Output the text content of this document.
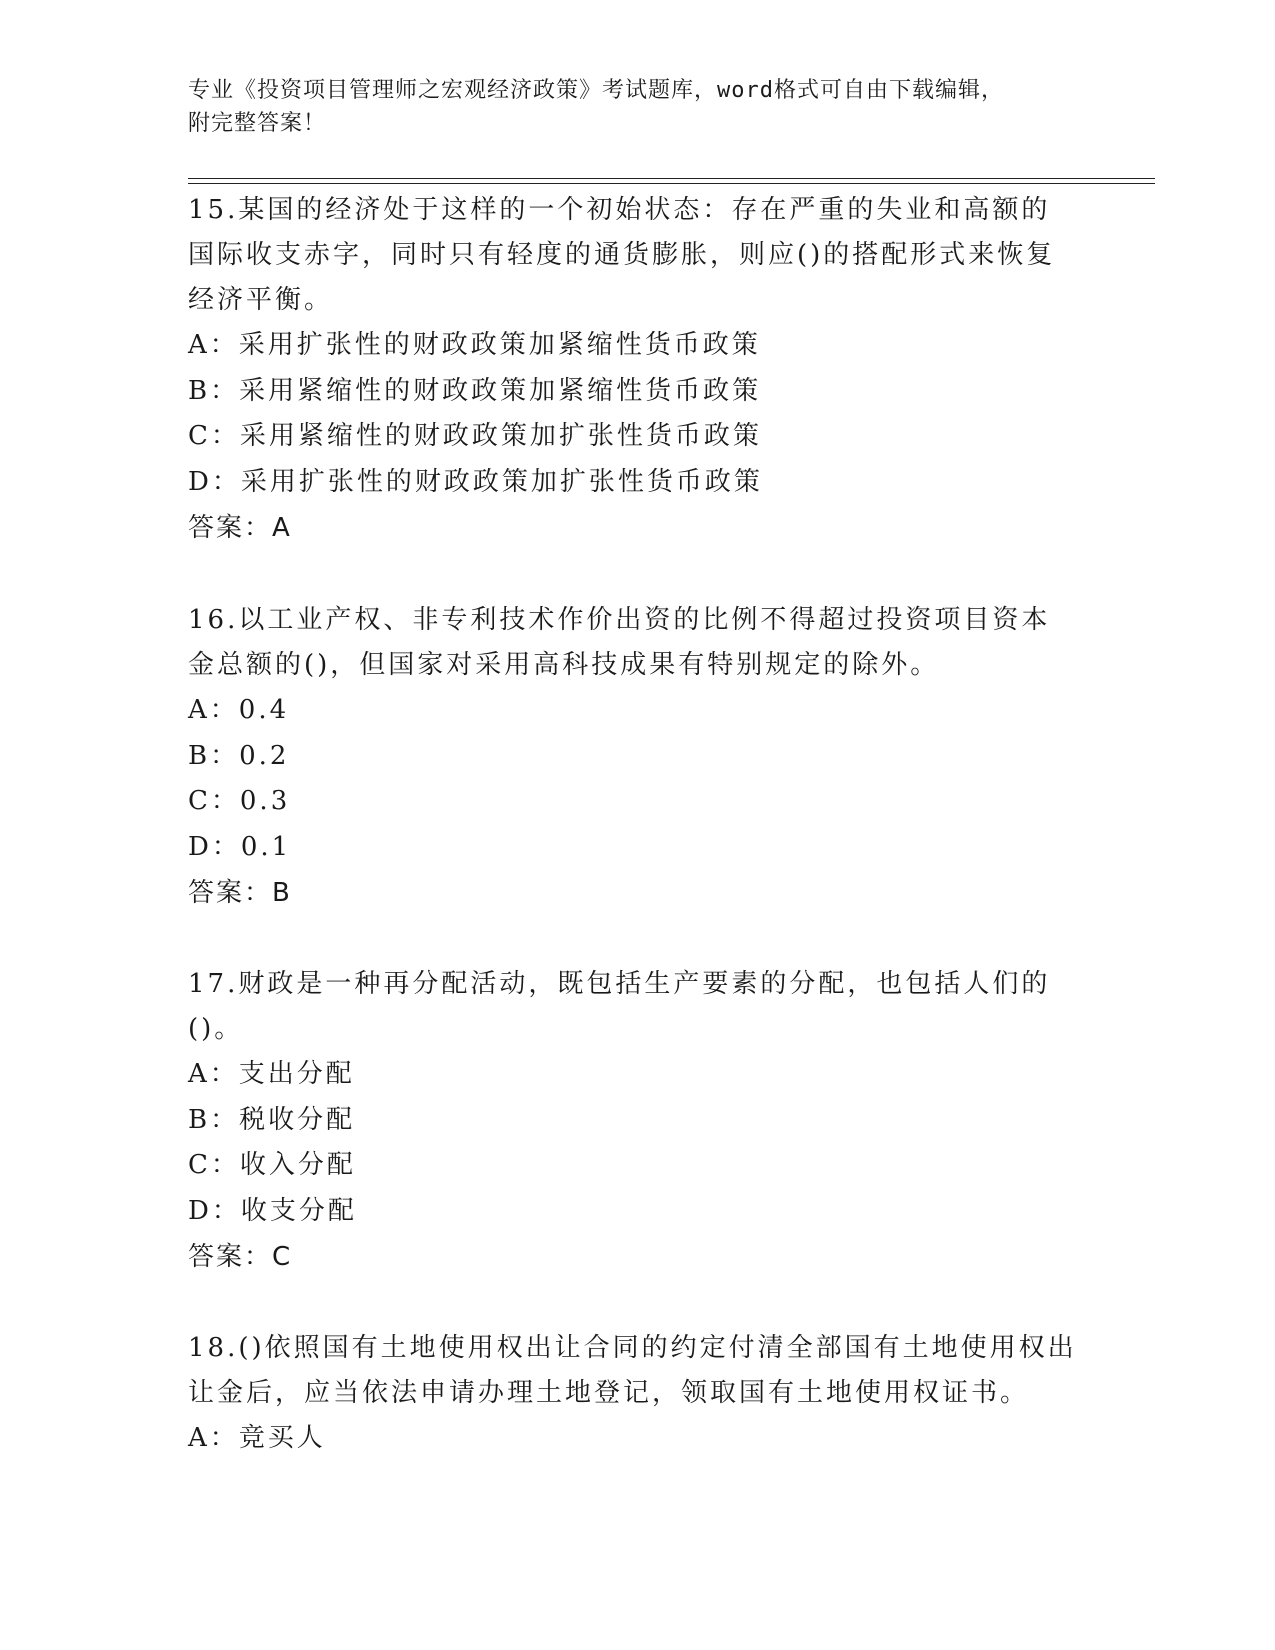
专业《投资项目管理师之宏观经济政策》考试题库，word格式可自由下载编辑，
附完整答案！

15.某国的经济处于这样的一个初始状态：存在严重的失业和高额的国际收支赤字，同时只有轻度的通货膨胀，则应()的搭配形式来恢复经济平衡。

A：采用扩张性的财政政策加紧缩性货币政策
B：采用紧缩性的财政政策加紧缩性货币政策
C：采用紧缩性的财政政策加扩张性货币政策
D：采用扩张性的财政政策加扩张性货币政策
答案：A

16.以工业产权、非专利技术作价出资的比例不得超过投资项目资本金总额的()，但国家对采用高科技成果有特别规定的除外。

A：0.4
B：0.2
C：0.3
D：0.1
答案：B

17.财政是一种再分配活动，既包括生产要素的分配，也包括人们的()。

A：支出分配
B：税收分配
C：收入分配
D：收支分配
答案：C

18.()依照国有土地使用权出让合同的约定付清全部国有土地使用权出让金后，应当依法申请办理土地登记，领取国有土地使用权证书。

A：竞买人
